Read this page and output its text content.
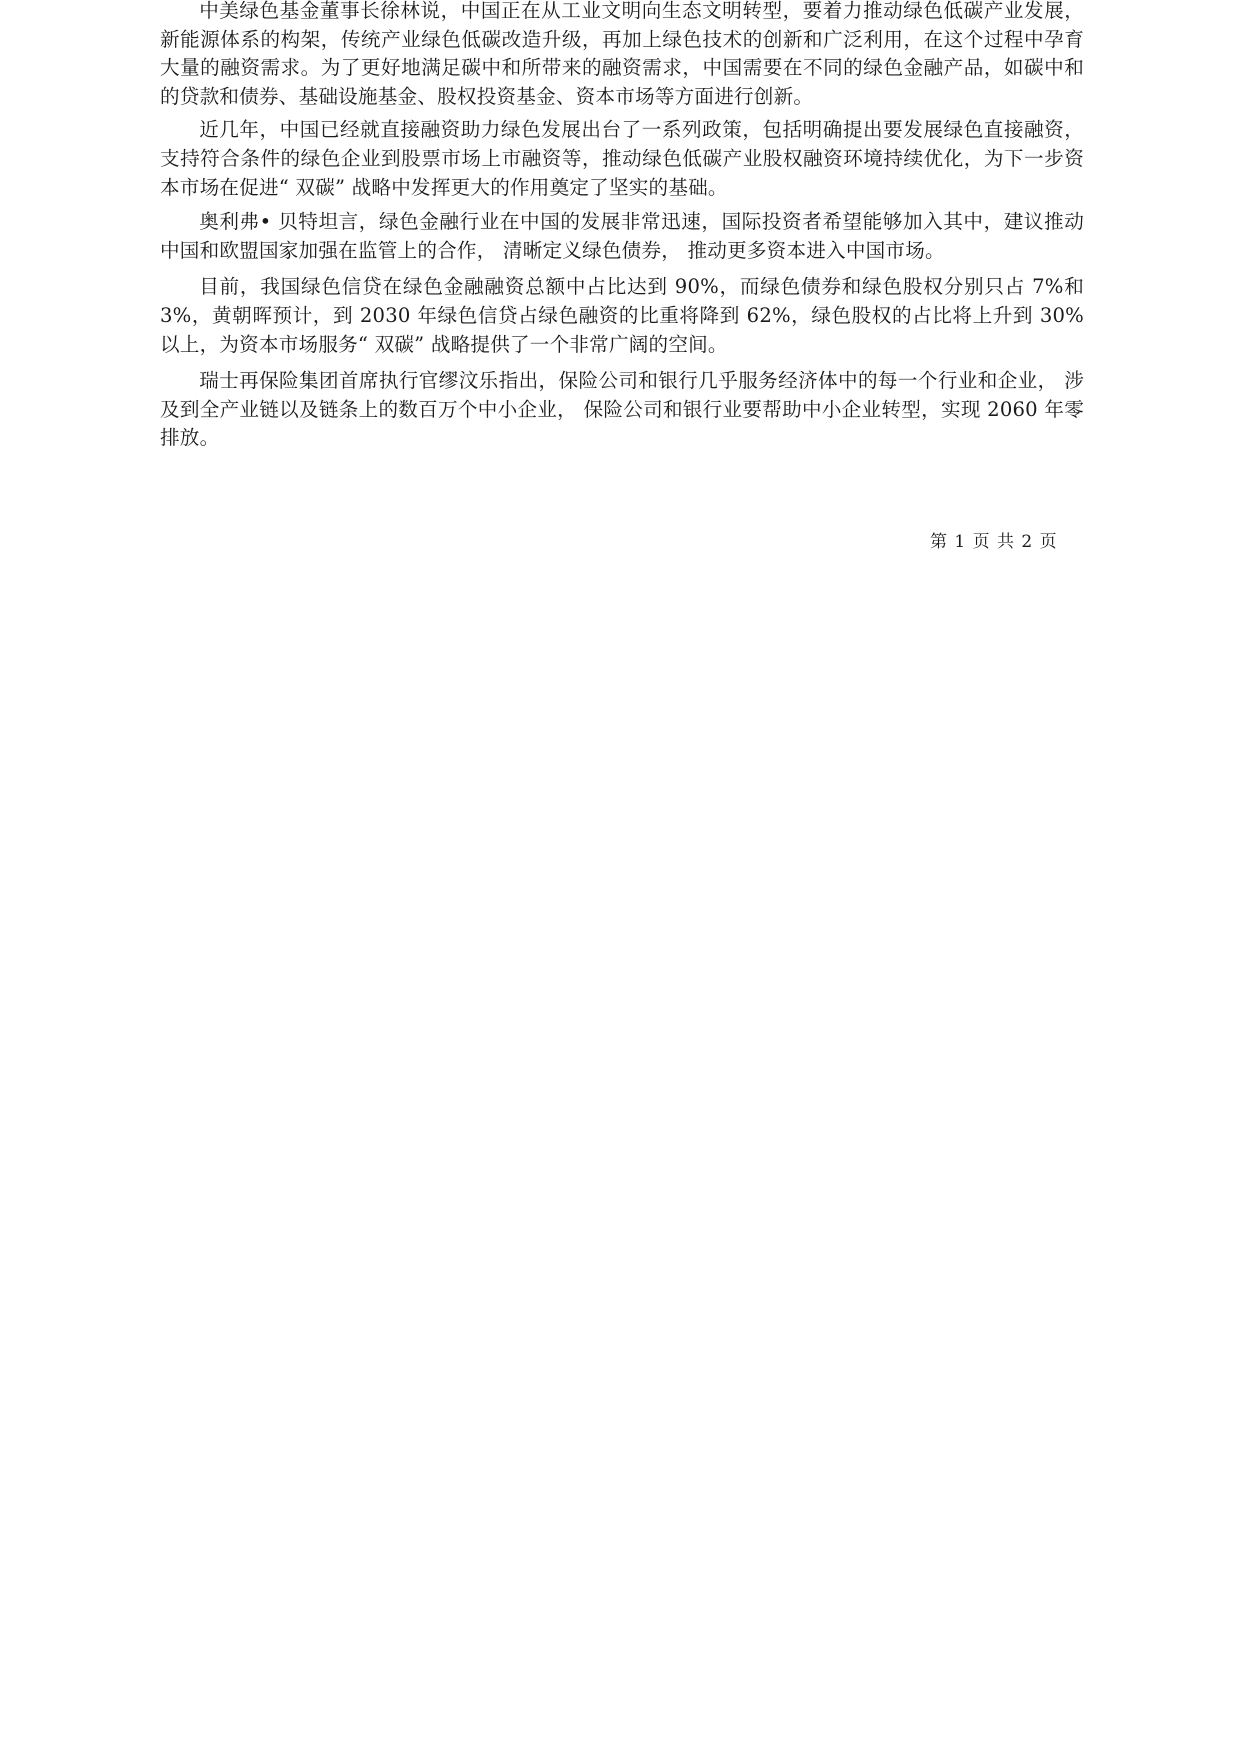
中美绿色基金董事长徐林说，中国正在从工业文明向生态文明转型，要着力推动绿色低碳产业发展，新能源体系的构架，传统产业绿色低碳改造升级，再加上绿色技术的创新和广泛利用，在这个过程中孕育大量的融资需求。为了更好地满足碳中和所带来的融资需求，中国需要在不同的绿色金融产品，如碳中和的贷款和债券、基础设施基金、股权投资基金、资本市场等方面进行创新。

近几年，中国已经就直接融资助力绿色发展出台了一系列政策，包括明确提出要发展绿色直接融资，支持符合条件的绿色企业到股票市场上市融资等，推动绿色低碳产业股权融资环境持续优化，为下一步资本市场在促进“ 双碳” 战略中发挥更大的作用奠定了坚实的基础。

奥利弗• 贝特坦言，绿色金融行业在中国的发展非常迅速，国际投资者希望能够加入其中，建议推动中国和欧盟国家加强在监管上的合作， 清晰定义绿色债券， 推动更多资本进入中国市场。

目前，我国绿色信贷在绿色金融融资总额中占比达到 90%，而绿色债券和绿色股权分别只占 7%和 3%，黄朝晖预计，到 2030 年绿色信贷占绿色融资的比重将降到 62%，绿色股权的占比将上升到 30%以上，为资本市场服务“ 双碳” 战略提供了一个非常广阔的空间。

瑞士再保险集团首席执行官缪汶乐指出，保险公司和银行几乎服务经济体中的每一个行业和企业， 涉及到全产业链以及链条上的数百万个中小企业， 保险公司和银行业要帮助中小企业转型，实现 2060 年零排放。

第 1 页 共 2 页
